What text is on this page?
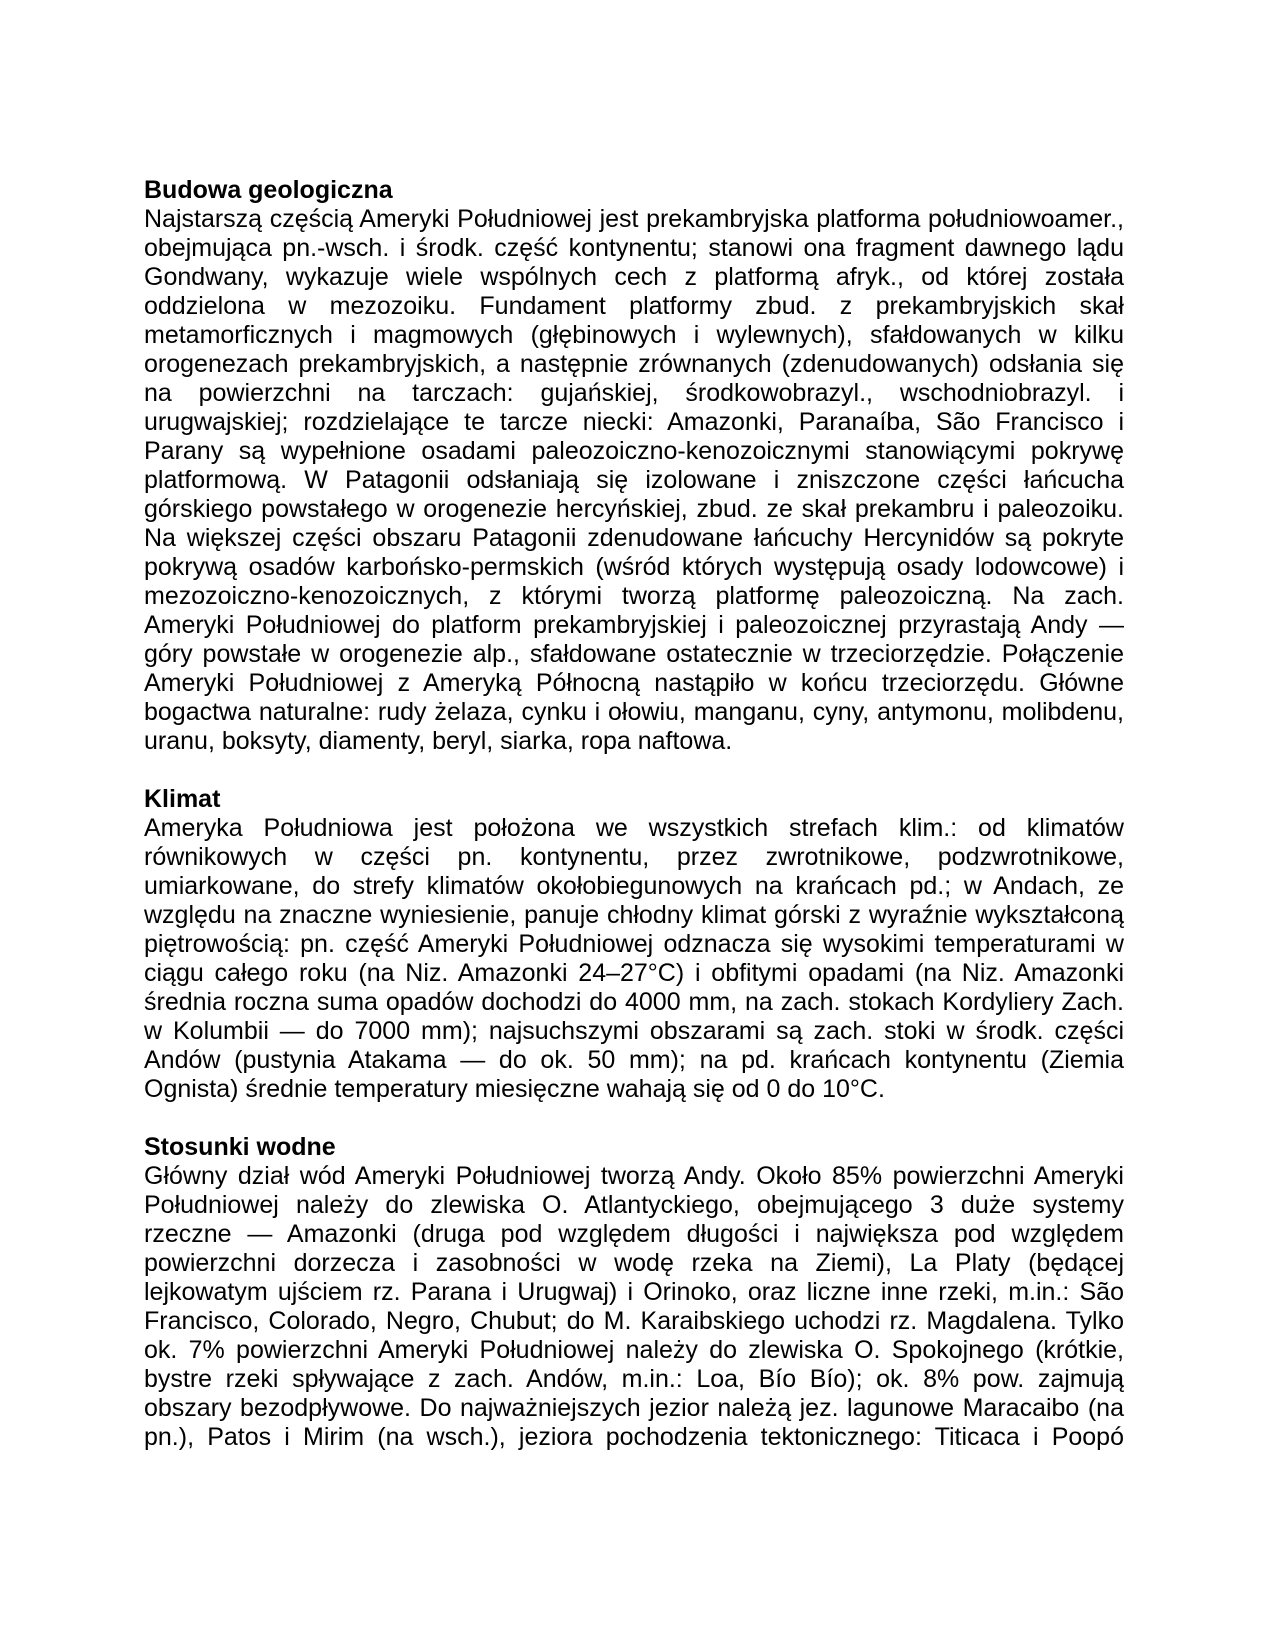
Budowa geologiczna

Najstarszą częścią Ameryki Południowej jest prekambryjska platforma południowoamer., obejmująca pn.-wsch. i środk. część kontynentu; stanowi ona fragment dawnego lądu Gondwany, wykazuje wiele wspólnych cech z platformą afryk., od której została oddzielona w mezozoiku. Fundament platformy zbud. z prekambryjskich skał metamorficznych i magmowych (głębinowych i wylewnych), sfałdowanych w kilku orogenezach prekambryjskich, a następnie zrównanych (zdenudowanych) odsłania się na powierzchni na tarczach: gujańskiej, środkowobrazyl., wschodniobrazyl. i urugwajskiej; rozdzielające te tarcze niecki: Amazonki, Paranaíba, São Francisco i Parany są wypełnione osadami paleozoiczno-kenozoicznymi stanowiącymi pokrywę platformową. W Patagonii odsłaniają się izolowane i zniszczone części łańcucha górskiego powstałego w orogenezie hercyńskiej, zbud. ze skał prekambru i paleozoiku. Na większej części obszaru Patagonii zdenudowane łańcuchy Hercynidów są pokryte pokrywą osadów karbońsko-permskich (wśród których występują osady lodowcowe) i mezozoiczno-kenozoicznych, z którymi tworzą platformę paleozoiczną. Na zach. Ameryki Południowej do platform prekambryjskiej i paleozoicznej przyrastają Andy — góry powstałe w orogenezie alp., sfałdowane ostatecznie w trzeciorzędzie. Połączenie Ameryki Południowej z Ameryką Północną nastąpiło w końcu trzeciorzędu. Główne bogactwa naturalne: rudy żelaza, cynku i ołowiu, manganu, cyny, antymonu, molibdenu, uranu, boksyty, diamenty, beryl, siarka, ropa naftowa.

Klimat

Ameryka Południowa jest położona we wszystkich strefach klim.: od klimatów równikowych w części pn. kontynentu, przez zwrotnikowe, podzwrotnikowe, umiarkowane, do strefy klimatów okołobiegunowych na krańcach pd.; w Andach, ze względu na znaczne wyniesienie, panuje chłodny klimat górski z wyraźnie wykształconą piętrowością: pn. część Ameryki Południowej odznacza się wysokimi temperaturami w ciągu całego roku (na Niz. Amazonki 24–27°C) i obfitymi opadami (na Niz. Amazonki średnia roczna suma opadów dochodzi do 4000 mm, na zach. stokach Kordyliery Zach. w Kolumbii — do 7000 mm); najsuchszymi obszarami są zach. stoki w środk. części Andów (pustynia Atakama — do ok. 50 mm); na pd. krańcach kontynentu (Ziemia Ognista) średnie temperatury miesięczne wahają się od 0 do 10°C.

Stosunki wodne

Główny dział wód Ameryki Południowej tworzą Andy. Około 85% powierzchni Ameryki Południowej należy do zlewiska O. Atlantyckiego, obejmującego 3 duże systemy rzeczne — Amazonki (druga pod względem długości i największa pod względem powierzchni dorzecza i zasobności w wodę rzeka na Ziemi), La Platy (będącej lejkowatym ujściem rz. Parana i Urugwaj) i Orinoko, oraz liczne inne rzeki, m.in.: São Francisco, Colorado, Negro, Chubut; do M. Karaibskiego uchodzi rz. Magdalena. Tylko ok. 7% powierzchni Ameryki Południowej należy do zlewiska O. Spokojnego (krótkie, bystre rzeki spływające z zach. Andów, m.in.: Loa, Bío Bío); ok. 8% pow. zajmują obszary bezodpływowe. Do najważniejszych jezior należą jez. lagunowe Maracaibo (na pn.), Patos i Mirim (na wsch.), jeziora pochodzenia tektonicznego: Titicaca i Poopó
